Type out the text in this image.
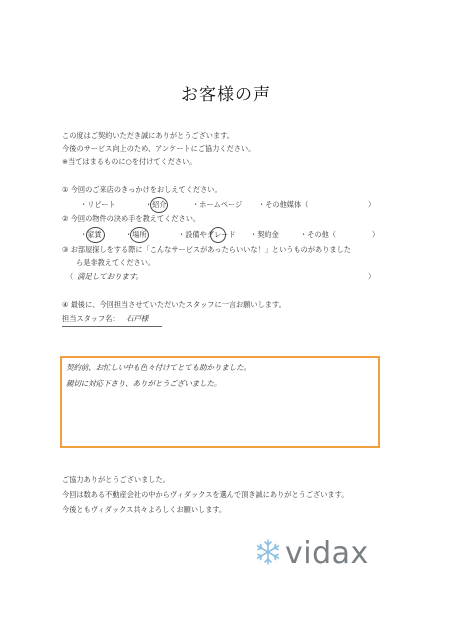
お客様の声
この度はご契約いただき誠にありがとうございます。
今後のサービス向上のため、アンケートにご協力ください。
※当てはまるものに○を付けてください。
① 今回のご来店のきっかけをおしえてください。
・リピート	・紹介	・ホームページ ・その他媒体（	）
② 今回の物件の決め手を教えてください。
・家賃	・場所	・設備やグレード ・契約金	・その他（	）
③ お部屋探しをする際に「こんなサービスがあったらいいな！」というものがありました
ら是非教えてください。
（ 満足しております。	）
④ 最後に、今回担当させていただいたスタッフに一言お願いします。
担当スタッフ名： 石戸様
契約前、お忙しい中も色々付けてとても助かりました。
親切に対応下さり、ありがとうございました。
ご協力ありがとうございました。
今回は数ある不動産会社の中からヴィダックスを選んで頂き誠にありがとうございます。
今後ともヴィダックス共々よろしくお願いします。
vidax
